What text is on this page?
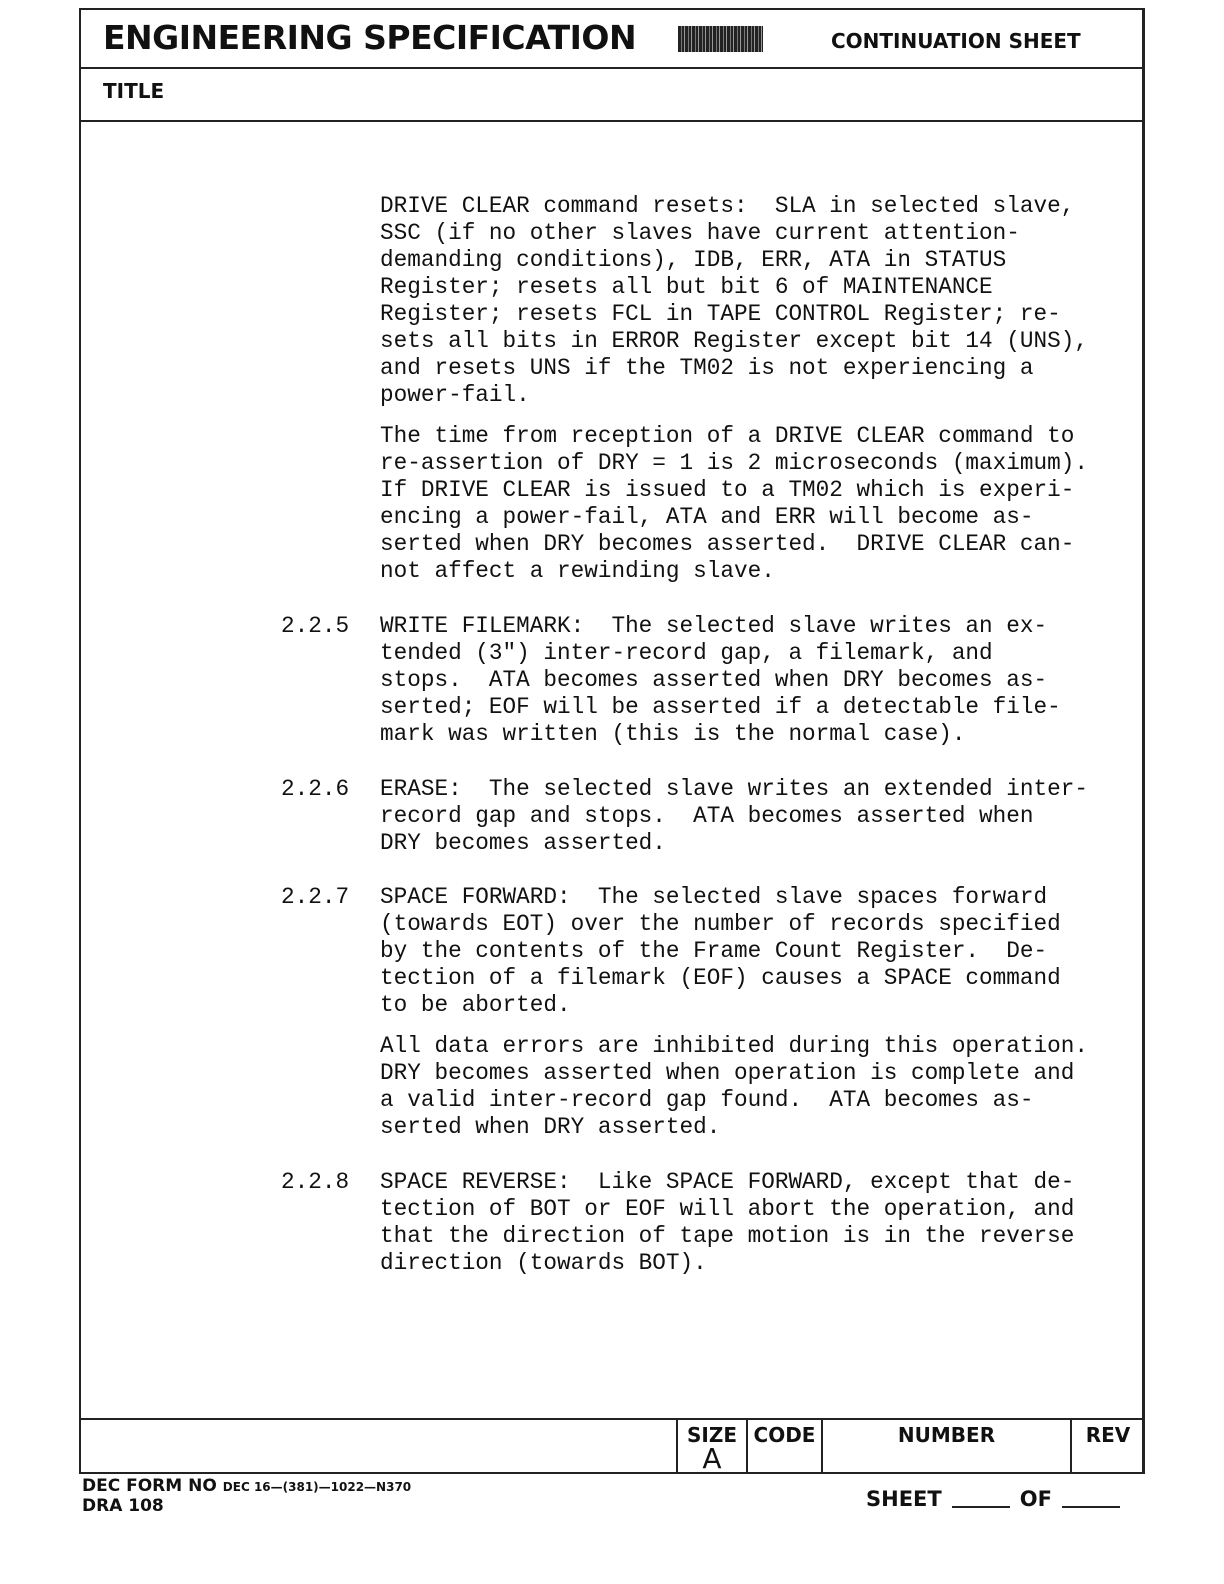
ENGINEERING SPECIFICATION	CONTINUATION SHEET
TITLE
DRIVE CLEAR command resets:  SLA in selected slave,
SSC (if no other slaves have current attention-
demanding conditions), IDB, ERR, ATA in STATUS
Register; resets all but bit 6 of MAINTENANCE
Register; resets FCL in TAPE CONTROL Register; re-
sets all bits in ERROR Register except bit 14 (UNS),
and resets UNS if the TM02 is not experiencing a
power-fail.
The time from reception of a DRIVE CLEAR command to
re-assertion of DRY = 1 is 2 microseconds (maximum).
If DRIVE CLEAR is issued to a TM02 which is experi-
encing a power-fail, ATA and ERR will become as-
serted when DRY becomes asserted.  DRIVE CLEAR can-
not affect a rewinding slave.
2.2.5 WRITE FILEMARK:  The selected slave writes an ex-
tended (3") inter-record gap, a filemark, and
stops.  ATA becomes asserted when DRY becomes as-
serted; EOF will be asserted if a detectable file-
mark was written (this is the normal case).
2.2.6 ERASE:  The selected slave writes an extended inter-
record gap and stops.  ATA becomes asserted when
DRY becomes asserted.
2.2.7 SPACE FORWARD:  The selected slave spaces forward
(towards EOT) over the number of records specified
by the contents of the Frame Count Register.  De-
tection of a filemark (EOF) causes a SPACE command
to be aborted.
All data errors are inhibited during this operation.
DRY becomes asserted when operation is complete and
a valid inter-record gap found.  ATA becomes as-
serted when DRY asserted.
2.2.8 SPACE REVERSE:  Like SPACE FORWARD, except that de-
tection of BOT or EOF will abort the operation, and
that the direction of tape motion is in the reverse
direction (towards BOT).
SIZE
A
CODE	NUMBER	REV
DEC FORM NO DEC 16—(381)—1022—N370
DRA 108	SHEET	OF
